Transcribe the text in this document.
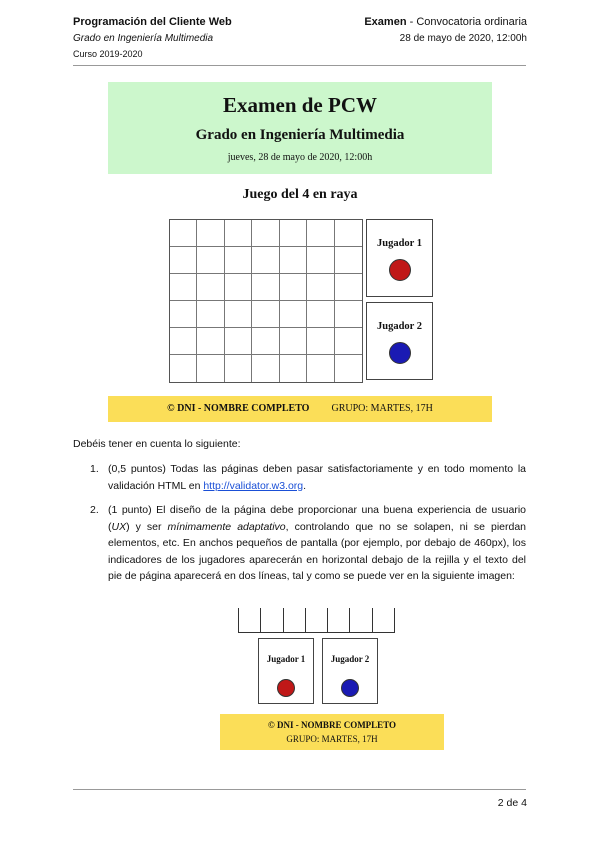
Programación del Cliente Web
Grado en Ingeniería Multimedia
Curso 2019-2020
Examen - Convocatoria ordinaria
28 de mayo de 2020, 12:00h
Examen de PCW
Grado en Ingeniería Multimedia
jueves, 28 de mayo de 2020, 12:00h
Juego del 4 en raya
Jugador 1
Jugador 2
© DNI - NOMBRE COMPLETO GRUPO: MARTES, 17H
Debéis tener en cuenta lo siguiente:
1. (0,5 puntos) Todas las páginas deben pasar satisfactoriamente y en todo momento la validación HTML en http://validator.w3.org.
2. (1 punto) El diseño de la página debe proporcionar una buena experiencia de usuario (UX) y ser mínimamente adaptativo, controlando que no se solapen, ni se pierdan elementos, etc. En anchos pequeños de pantalla (por ejemplo, por debajo de 460px), los indicadores de los jugadores aparecerán en horizontal debajo de la rejilla y el texto del pie de página aparecerá en dos líneas, tal y como se puede ver en la siguiente imagen:
Jugador 1	Jugador 2
© DNI - NOMBRE COMPLETO
GRUPO: MARTES, 17H
2 de 4
